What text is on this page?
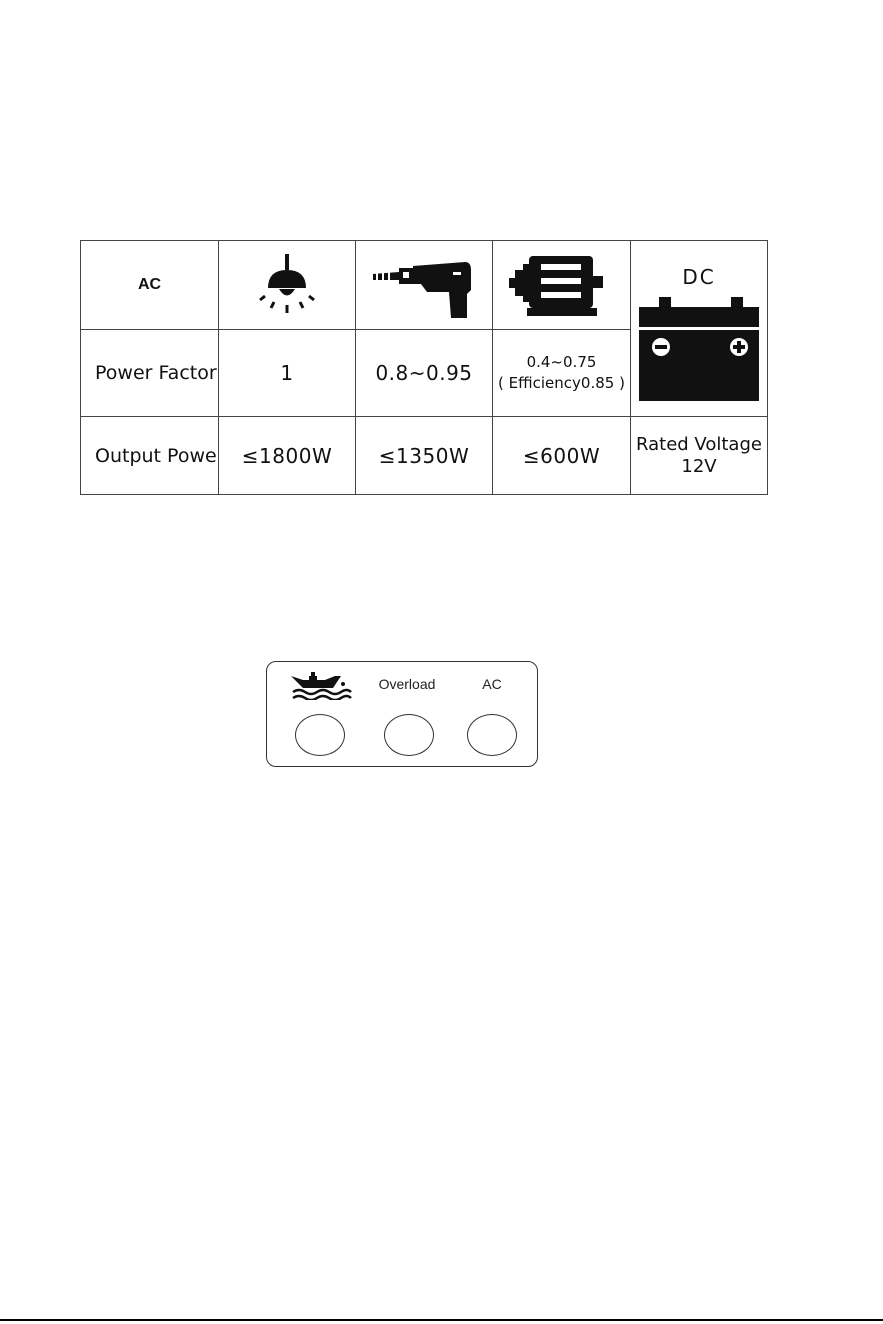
AC				DC

Power Factor	1	0.8~0.95	0.4~0.75
( Efficiency0.85 )	

Output Powe	≤1800W	≤1350W	≤600W	Rated Voltage
12V
Overload	AC
